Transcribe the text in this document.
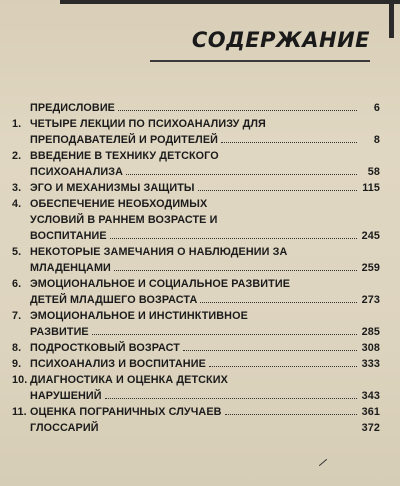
СОДЕРЖАНИЕ
ПРЕДИСЛОВИЕ	6
1. ЧЕТЫРЕ ЛЕКЦИИ ПО ПСИХОАНАЛИЗУ ДЛЯ
ПРЕПОДАВАТЕЛЕЙ И РОДИТЕЛЕЙ	8
2. ВВЕДЕНИЕ В ТЕХНИКУ ДЕТСКОГО
ПСИХОАНАЛИЗА	58
3. ЭГО И МЕХАНИЗМЫ ЗАЩИТЫ	115
4. ОБЕСПЕЧЕНИЕ НЕОБХОДИМЫХ
УСЛОВИЙ В РАННЕМ ВОЗРАСТЕ И
ВОСПИТАНИЕ	245
5. НЕКОТОРЫЕ ЗАМЕЧАНИЯ О НАБЛЮДЕНИИ ЗА
МЛАДЕНЦАМИ	259
6. ЭМОЦИОНАЛЬНОЕ И СОЦИАЛЬНОЕ РАЗВИТИЕ
ДЕТЕЙ МЛАДШЕГО ВОЗРАСТА	273
7. ЭМОЦИОНАЛЬНОЕ И ИНСТИНКТИВНОЕ
РАЗВИТИЕ	285
8. ПОДРОСТКОВЫЙ ВОЗРАСТ	308
9. ПСИХОАНАЛИЗ И ВОСПИТАНИЕ	333
10. ДИАГНОСТИКА И ОЦЕНКА ДЕТСКИХ
НАРУШЕНИЙ	343
11. ОЦЕНКА ПОГРАНИЧНЫХ СЛУЧАЕВ	361
ГЛОССАРИЙ	372
